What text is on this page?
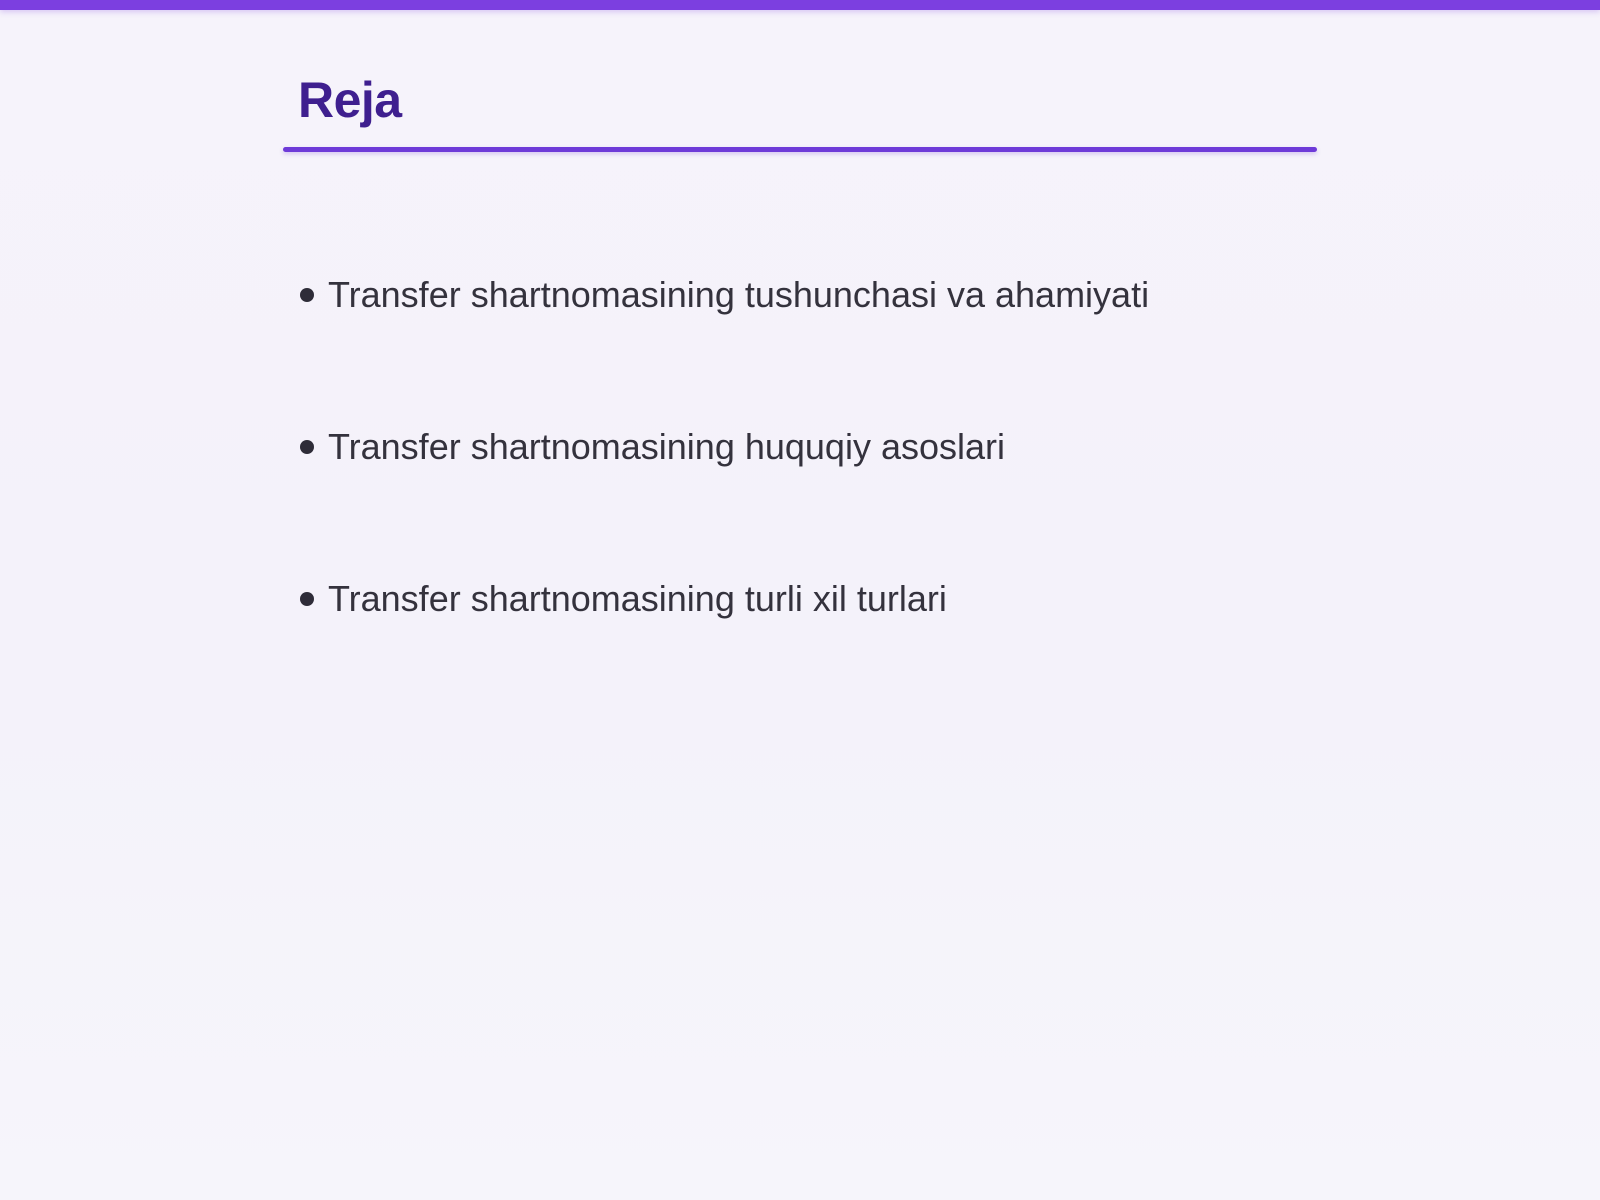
Reja
Transfer shartnomasining tushunchasi va ahamiyati
Transfer shartnomasining huquqiy asoslari
Transfer shartnomasining turli xil turlari
